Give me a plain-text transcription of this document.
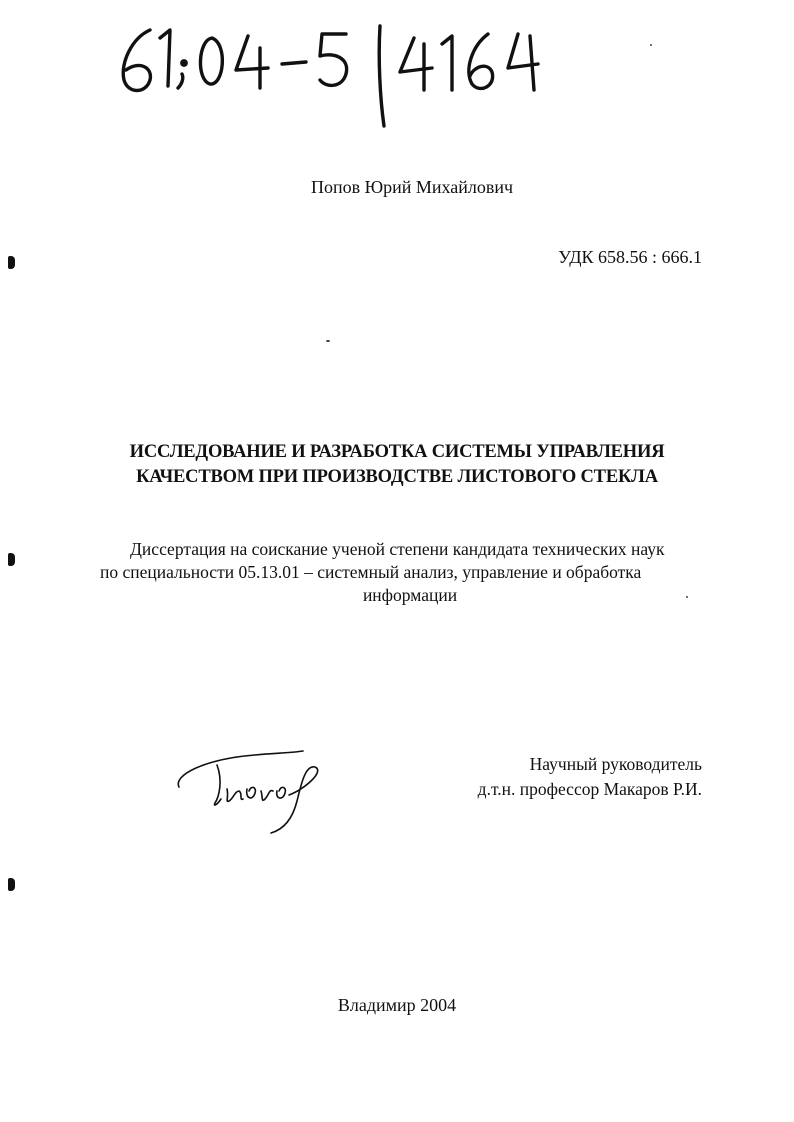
Попов Юрий Михайлович
УДК 658.56 : 666.1
ИССЛЕДОВАНИЕ И РАЗРАБОТКА СИСТЕМЫ УПРАВЛЕНИЯ
КАЧЕСТВОМ ПРИ ПРОИЗВОДСТВЕ ЛИСТОВОГО СТЕКЛА
Диссертация на соискание ученой степени кандидата технических наук
по специальности 05.13.01 – системный анализ, управление и обработка
информации
Научный руководитель
д.т.н. профессор Макаров Р.И.
Владимир 2004
